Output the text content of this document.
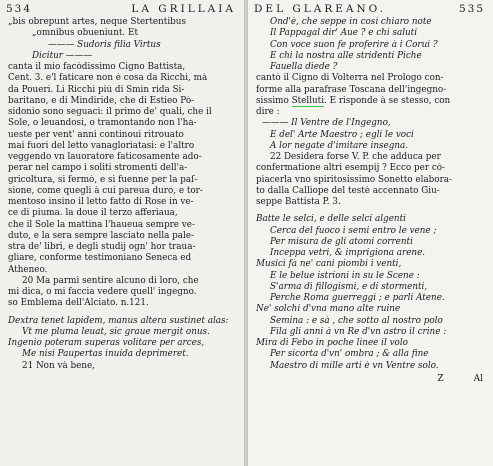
534	LA GRILLAIA
„bis obrepunt artes, neque Stertentibus
„omnibus obueniunt. Et
——— Sudoris filia Virtus
Dicitur ———
canta il mio facódissimo Cigno Battista,
Cent. 3. e'l faticare non è cosa da Ricchi, mà
da Poueri. Li Ricchi più di Smin rida Si-
baritano, e di Mindiride, che di Estieo Pò-
sidonio sono seguaci: il primo de' quali, che il
Sole, o leuandosi, o tramontando non l'ha-
ueste per vent' anni continoui ritrouato
mai fuori del letto vanagloriatasi: e l'altro
veggendo vn lauoratore faticosamente ado-
perar nel campo i soliti stromenti dell'a-
gricoltura, si fermò, e si fuenne per la paſ-
sione, come quegli à cui pareua duro, e tor-
mentoso insino il letto fatto di Rose in ve-
ce di piuma. la doue il terzo afferiaua,
che il Sole la mattina l'haueua sempre ve-
duto, e la sera sempre lasciato nella pale-
stra de' libri, e degli studij ogn' hor traua-
gliare, conforme testimoniano Seneca ed
Atheneo.
20 Ma parmi sentire alcuno di loro, che
mi dica, o mi faccia vedere quell' ingegno.
so Emblema dell'Alciato. n.121.
Dextra tenet lapidem, manus altera sustinet alas:
Vt me pluma leuat, sic graue mergit onus.
Ingenio poteram superas volitare per arces,
Me nisi Paupertas inuida deprimeret.
21 Non và bene,
DEL GLAREANO.	535
Ond'è, che seppe in così chiaro note
Il Pappagal dir' Aue ? e chi saluti
Con voce suon fe proferire à i Corui ?
E chi la nostra alle stridenti Piche
Fauella diede ?
cantò il Cigno di Volterra nel Prologo con-
forme alla parafrase Toscana dell'ingegno-
sissimo Stelluti. E risponde à se stesso, con
dire :
——— Il Ventre de l'Ingegno,
E del' Arte Maestro ; egli le voci
A lor negate d'imitare insegna.
22 Desidera forse V. P. che adduca per
confermatione altri esempij ? Ecco per cò-
piacerla vno spiritosissimo Sonetto elabora-
to dalla Calliope del testè accennato Giu-
seppe Battista P. 3.
Batte le selci, e delle selci algenti
Cerca del fuoco i semi entro le vene ;
Per misura de gli atomi correnti
Inceppa vetri, & imprigiona arene.
Musici fà ne' cani piombi i venti,
E le belue istrioni in su le Scene :
S'arma di fillogismi, e di stormenti,
Perche Roma guerreggi ; e parli Atene.
Ne' solchi d'vna mano alte ruine
Semina : e sà , che sotto al nostro polo
Fila gli anni à vn Re d'vn astro il crine :
Mira di Febo in poche linee il volo
Per sicorta d'vn' ombra ; & alla fine
Maestro di mille arti è vn Ventre solo.
Z	Al
